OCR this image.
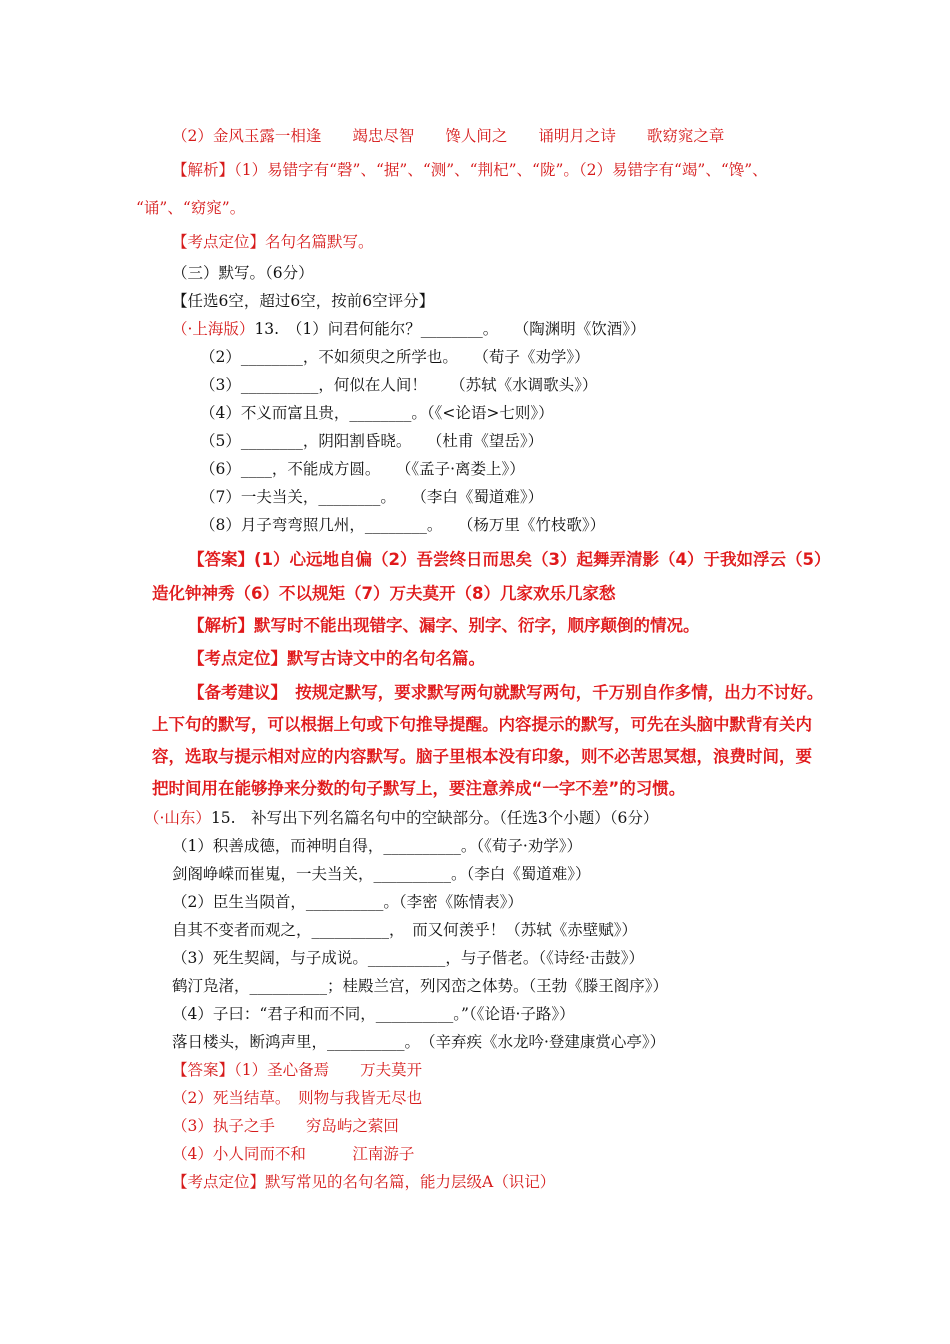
（2）金风玉露一相逢　　竭忠尽智　　馋人间之　　诵明月之诗　　歌窈窕之章
【解析】（1）易错字有“磬”、“据”、“测”、“荆杞”、“陇”。（2）易错字有“竭”、“馋”、
“诵”、“窈窕”。
【考点定位】名句名篇默写。
（三）默写。（6分）
【任选6空，超过6空，按前6空评分】
（·上海版）13.　（1）问君何能尔？________。　　（陶渊明《饮酒》）
（2）________，不如须臾之所学也。　　（荀子《劝学》）
（3）__________，何似在人间！　　（苏轼《水调歌头》）
（4）不义而富且贵，________。（《<论语>七则》）
（5）________，阴阳割昏晓。　　（杜甫《望岳》）
（6）____，不能成方圆。　　（《孟子·离娄上》）
（7）一夫当关，________。　　（李白《蜀道难》）
（8）月子弯弯照几州，________。　　（杨万里《竹枝歌》）
【答案】(1）心远地自偏（2）吾尝终日而思矣（3）起舞弄清影（4）于我如浮云（5）
造化钟神秀（6）不以规矩（7）万夫莫开（8）几家欢乐几家愁
【解析】默写时不能出现错字、漏字、别字、衍字，顺序颠倒的情况。
【考点定位】默写古诗文中的名句名篇。
【备考建议】　按规定默写，要求默写两句就默写两句，千万别自作多情，出力不讨好。
上下句的默写，可以根据上句或下句推导提醒。内容提示的默写，可先在头脑中默背有关内
容，选取与提示相对应的内容默写。脑子里根本没有印象，则不必苦思冥想，浪费时间，要
把时间用在能够挣来分数的句子默写上，要注意养成“一字不差”的习惯。
（·山东）15.　补写出下列名篇名句中的空缺部分。（任选3个小题）（6分）
（1）积善成德，而神明自得，__________。（《荀子·劝学》）
剑阁峥嵘而崔嵬，一夫当关，__________。（李白《蜀道难》）
（2）臣生当陨首，__________。（李密《陈情表》）
自其不变者而观之，__________，　而又何羡乎！（苏轼《赤壁赋》）
（3）死生契阔，与子成说。__________，与子偕老。（《诗经·击鼓》）
鹤汀凫渚，__________；桂殿兰宫，列冈峦之体势。（王勃《滕王阁序》）
（4）子曰：“君子和而不同，__________。”（《论语·子路》）
落日楼头，断鸿声里，__________。　（辛弃疾《水龙吟·登建康赏心亭》）
【答案】（1）圣心备焉　　万夫莫开
（2）死当结草。　则物与我皆无尽也
（3）执子之手　　穷岛屿之萦回
（4）小人同而不和　　　江南游子
【考点定位】默写常见的名句名篇，能力层级A（识记）
